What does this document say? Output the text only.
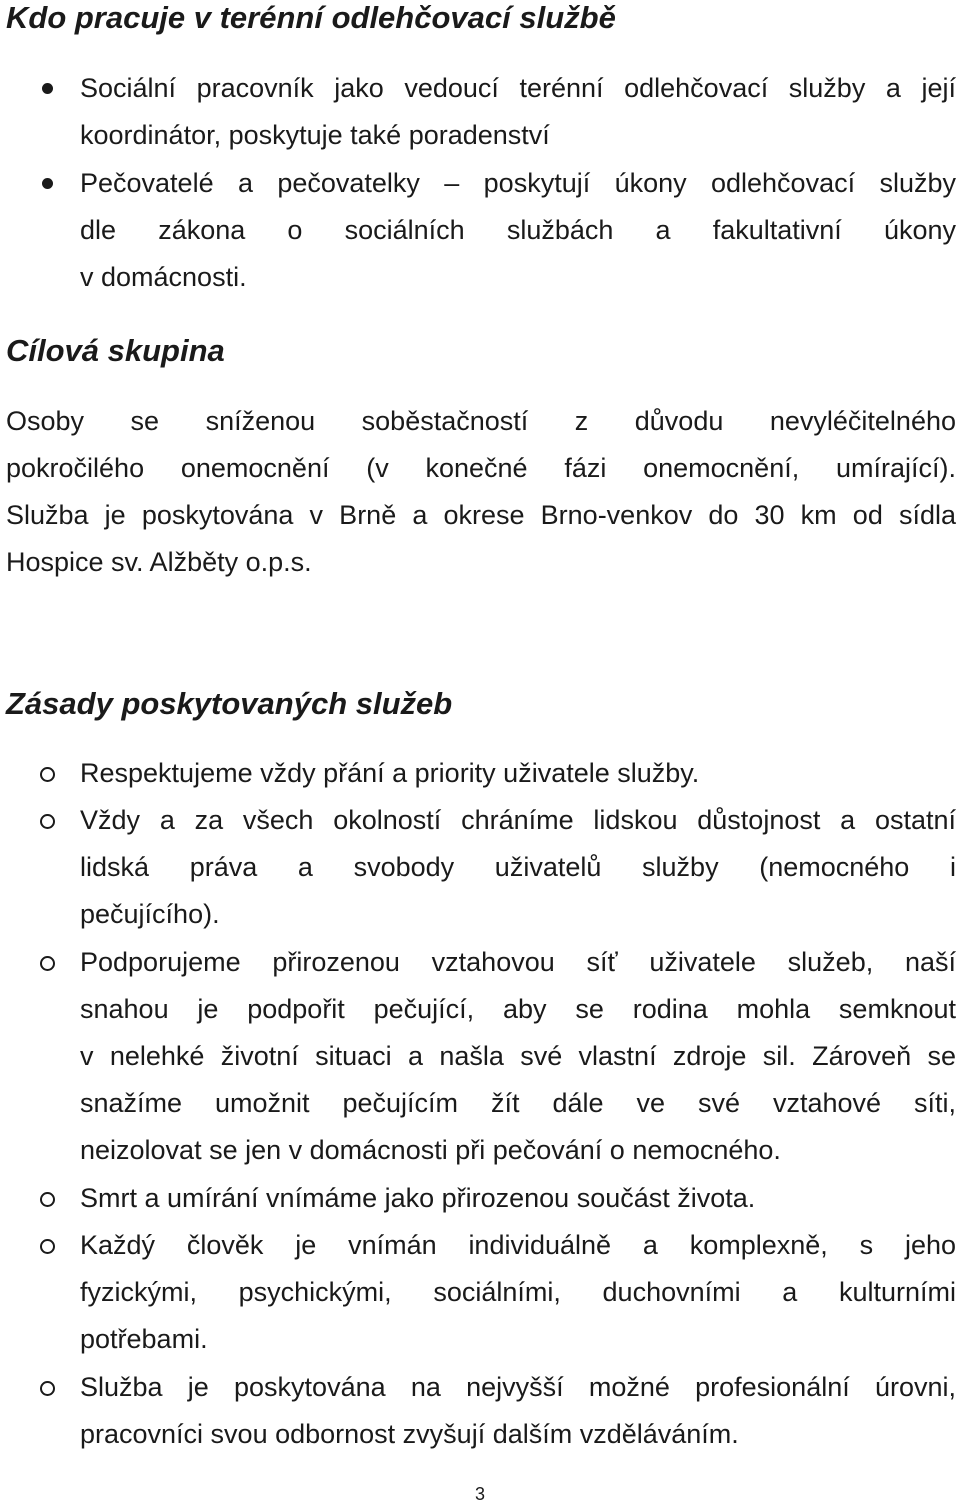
Kdo pracuje v terénní odlehčovací službě

Sociální pracovník jako vedoucí terénní odlehčovací služby a její
koordinátor, poskytuje také poradenství

Pečovatelé a pečovatelky – poskytují úkony odlehčovací služby
dle zákona o sociálních službách a fakultativní úkony
v domácnosti.

Cílová skupina

Osoby se sníženou soběstačností z důvodu nevyléčitelného
pokročilého onemocnění (v konečné fázi onemocnění, umírající).
Služba je poskytována v Brně a okrese Brno-venkov do 30 km od sídla
Hospice sv. Alžběty o.p.s.

Zásady poskytovaných služeb

Respektujeme vždy přání a priority uživatele služby.

Vždy a za všech okolností chráníme lidskou důstojnost a ostatní
lidská práva a svobody uživatelů služby (nemocného i
pečujícího).

Podporujeme přirozenou vztahovou síť uživatele služeb, naší
snahou je podpořit pečující, aby se rodina mohla semknout
v nelehké životní situaci a našla své vlastní zdroje sil. Zároveň se
snažíme umožnit pečujícím žít dále ve své vztahové síti,
neizolovat se jen v domácnosti při pečování o nemocného.

Smrt a umírání vnímáme jako přirozenou součást života.

Každý člověk je vnímán individuálně a komplexně, s jeho
fyzickými, psychickými, sociálními, duchovními a kulturními
potřebami.

Služba je poskytována na nejvyšší možné profesionální úrovni,
pracovníci svou odbornost zvyšují dalším vzděláváním.

3
